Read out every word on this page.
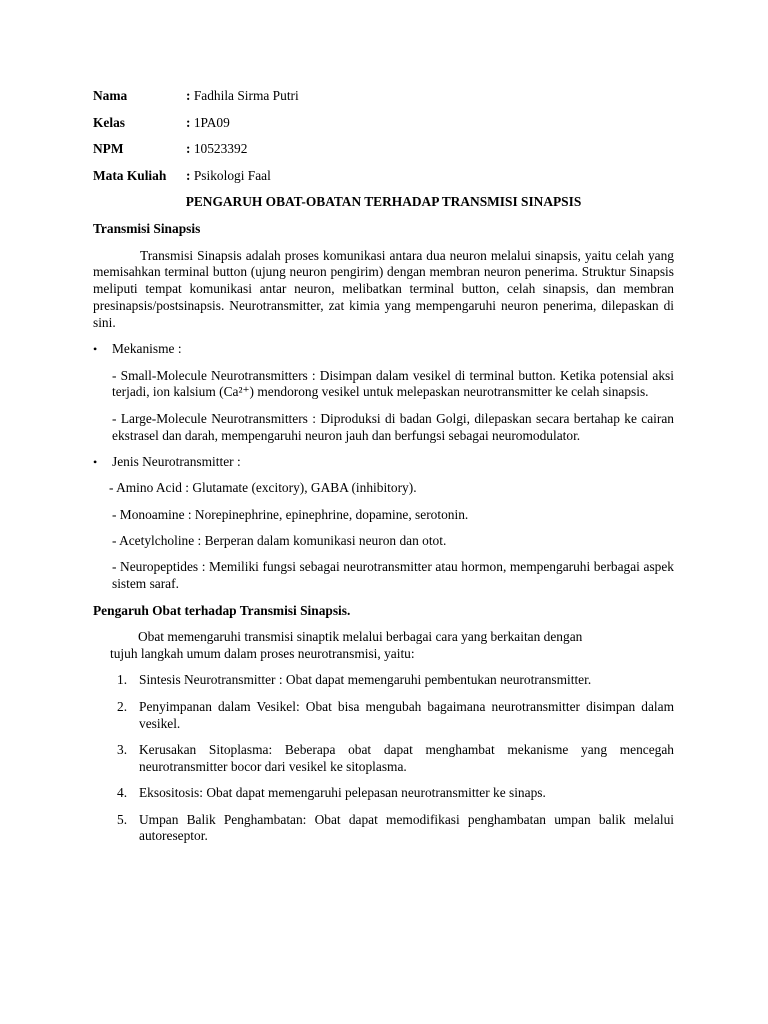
Nama	: Fadhila Sirma Putri
Kelas	: 1PA09
NPM	: 10523392
Mata Kuliah	: Psikologi Faal
PENGARUH OBAT-OBATAN TERHADAP TRANSMISI SINAPSIS
Transmisi Sinapsis

Transmisi Sinapsis adalah proses komunikasi antara dua neuron melalui sinapsis, yaitu celah yang memisahkan terminal button (ujung neuron pengirim) dengan membran neuron penerima. Struktur Sinapsis meliputi tempat komunikasi antar neuron, melibatkan terminal button, celah sinapsis, dan membran presinapsis/postsinapsis. Neurotransmitter, zat kimia yang mempengaruhi neuron penerima, dilepaskan di sini.

•	Mekanisme :
- Small-Molecule Neurotransmitters : Disimpan dalam vesikel di terminal button. Ketika potensial aksi terjadi, ion kalsium (Ca²⁺) mendorong vesikel untuk melepaskan neurotransmitter ke celah sinapsis.
- Large-Molecule Neurotransmitters : Diproduksi di badan Golgi, dilepaskan secara bertahap ke cairan ekstrasel dan darah, mempengaruhi neuron jauh dan berfungsi sebagai neuromodulator.
•	Jenis Neurotransmitter :
- Amino Acid : Glutamate (excitory), GABA (inhibitory).
- Monoamine : Norepinephrine, epinephrine, dopamine, serotonin.
- Acetylcholine : Berperan dalam komunikasi neuron dan otot.
- Neuropeptides : Memiliki fungsi sebagai neurotransmitter atau hormon, mempengaruhi berbagai aspek sistem saraf.
Pengaruh Obat terhadap Transmisi Sinapsis.
Obat memengaruhi transmisi sinaptik melalui berbagai cara yang berkaitan dengan
tujuh langkah umum dalam proses neurotransmisi, yaitu:
1. Sintesis Neurotransmitter : Obat dapat memengaruhi pembentukan neurotransmitter.
2. Penyimpanan dalam Vesikel: Obat bisa mengubah bagaimana neurotransmitter disimpan dalam vesikel.
3. Kerusakan Sitoplasma: Beberapa obat dapat menghambat mekanisme yang mencegah neurotransmitter bocor dari vesikel ke sitoplasma.
4. Eksositosis: Obat dapat memengaruhi pelepasan neurotransmitter ke sinaps.
5. Umpan Balik Penghambatan: Obat dapat memodifikasi penghambatan umpan balik melalui autoreseptor.
